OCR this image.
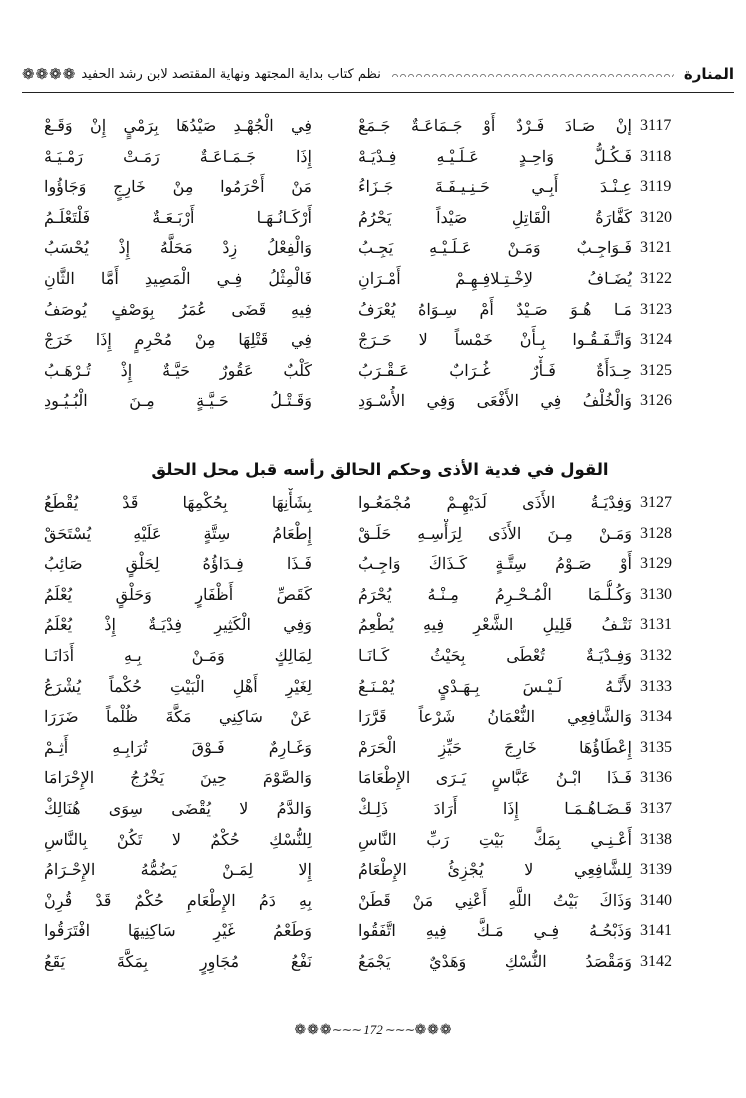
❁ ❁ ❁ ❁ نظم كتاب بداية المجتهد ونهاية المقتصد لابن رشد الحفيد	المنارة
3117
إنْ صَـادَ فَـرْدٌ أَوْ جَـمَاعَـةٌ جَـمَعْ
فِي الْجُهْـدِ صَيْدُهَا بِرَمْيٍ إِنْ وَقَـعْ
3118
فَـكُـلُّ وَاحِـدٍ عَـلَـيْـهِ فِـدْيَـهْ
إِذَا جَـمَـاعَـةٌ رَمَـتْ رَمْـيَـهْ
3119
عِـنْـدَ أَبِـي حَـنِـيـفَـةَ جَـزَاءُ
مَنْ أَحْرَمُوا مِنْ خَارِجٍ وَجَاؤُوا
3120
كَفَّارَةُ الْقَاتِلِ صَيْداً يَحْرُمُ
أَرْكَـانُـهَـا أَرْبَـعَـةٌ فَلْتَعْلَـمُ
3121
فَـوَاجِـبٌ وَمَـنْ عَـلَـيْـهِ يَجِـبُ
وَالْفِعْلُ زِدْ مَحَلَّهُ إِذْ يُحْسَبُ
3122
يُضَـافُ لاِخْـتِـلافِـهِـمْ أَمْـرَانِ
فَالْمِثْلُ فِـي الْمَصِيدِ أَمَّا الثَّانِ
3123
مَـا هُـوَ صَـيْدٌ أَمْ سِـوَاهُ يُعْرَفُ
فِيهِ قَضَى عُمَرُ بِوَصْفٍ يُوصَفُ
3124
وَاتَّـفَـقُـوا بِـأَنْ خَمْساً لا حَـرَجْ
فِي قَتْلِهَا مِنْ مُحْرِمٍ إِذَا خَرَجْ
3125
حِـدَأَةٌ فَـأْرٌ غُـرَابٌ عَـقْـرَبُ
كَلْبٌ عَقُورٌ حَيَّـةٌ إِذْ تُـرْهَـبُ
3126
وَالْخُلْفُ فِي الأَفْعَى وَفِي الأُسْـوَدِ
وَقَـتْـلُ حَـيَّـةٍ مِـنَ الْبُـيُـودِ
القول في فدية الأذى وحكم الحالق رأسه قبل محل الحلق
3127
وَفِدْيَـةُ الأَذَى لَدَيْهِـمْ مُجْمَعُـوا
بِشَأْنِهَا بِحُكْمِهَا قَدْ يُقْطَعُ
3128
وَمَـنْ مِـنَ الأَذَى لِرَأْسِـهِ حَلَـقْ
إِطْعَامُ سِتَّةٍ عَلَيْهِ يُسْتَحَقْ
3129
أَوْ صَـوْمُ سِتَّـةٍ كَـذَاكَ وَاجِـبُ
فَـذَا فِـدَاؤُهُ لِحَلْقٍ صَائِبُ
3130
وَكُـلُّـمَا الْمُـحْـرِمُ مِـنْـهُ يُحْرَمُ
كَقَصِّ أَظْفَارٍ وَحَلْقٍ يُعْلَمُ
3131
نَتْـفُ قَلِيلِ الشَّعْرِ فِيهِ يُطْعِمُ
وَفِي الْكَثِيرِ فِدْيَـةٌ إِذْ يُعْلَمُ
3132
وَفِـدْيَـةٌ تُعْطَى بِحَيْثُ كَـانَـا
لِمَالِكٍ وَمَـنْ بِـهِ أَدَانَـا
3133
لأَنَّـهُ لَـيْـسَ بِـهَـدْيٍ يُمْـنَـعُ
لِغَيْرِ أَهْلِ الْبَيْتِ حُكْماً يُشْرَعُ
3134
وَالشَّافِعِي النُّعْمَانُ شَرْعاً قَرَّرَا
عَنْ سَاكِنِي مَكَّةَ ظُلْماً ضَرَرَا
3135
إِعْطَاؤُهَا خَارِجَ حَيِّزِ الْحَرَمْ
وَغَـارِمٌ فَـوْقَ تُرَابِـهِ أَثِـمْ
3136
فَـذَا ابْـنُ عَبَّاسٍ يَـرَى الإِطْعَامَا
وَالصَّوْمَ حِينَ يَخْرُجُ الإِحْرَامَا
3137
قَـضَـاهُـمَـا إِذَا أَرَادَ ذَلِـكْ
وَالدَّمُ لا يُقْضَى سِوَى هُنَالِكْ
3138
أَعْـنِـي بِمَكَّ بَيْتِ رَبِّ النَّاسِ
لِلنُّسْكِ حُكْمٌ لا تَكُنْ بِالنَّاسِ
3139
لِلشَّافِعِي لا يُجْزِئُ الإِطْعَامُ
إِلا لِمَـنْ يَضُمُّهُ الإِحْـرَامُ
3140
وَذَاكَ بَيْتُ اللَّهِ أَعْنِي مَنْ قَطَنْ
بِهِ دَمُ الإِطْعَامِ حُكْمٌ قَدْ قُرِنْ
3141
وَذَبْحُـهُ فِـي مَـكَّ فِيهِ اتَّفَقُوا
وَطَعْمُ غَيْرِ سَاكِنِيهَا افْتَرَقُوا
3142
وَمَقْصَدُ النُّسْكِ وَهَدْيٌ يَجْمَعُ
نَفْعُ مُجَاوِرٍ بِمَكَّةَ يَقَعُ
❁ ❁ ❁ ~~~ 172 ~~~ ❁ ❁ ❁
